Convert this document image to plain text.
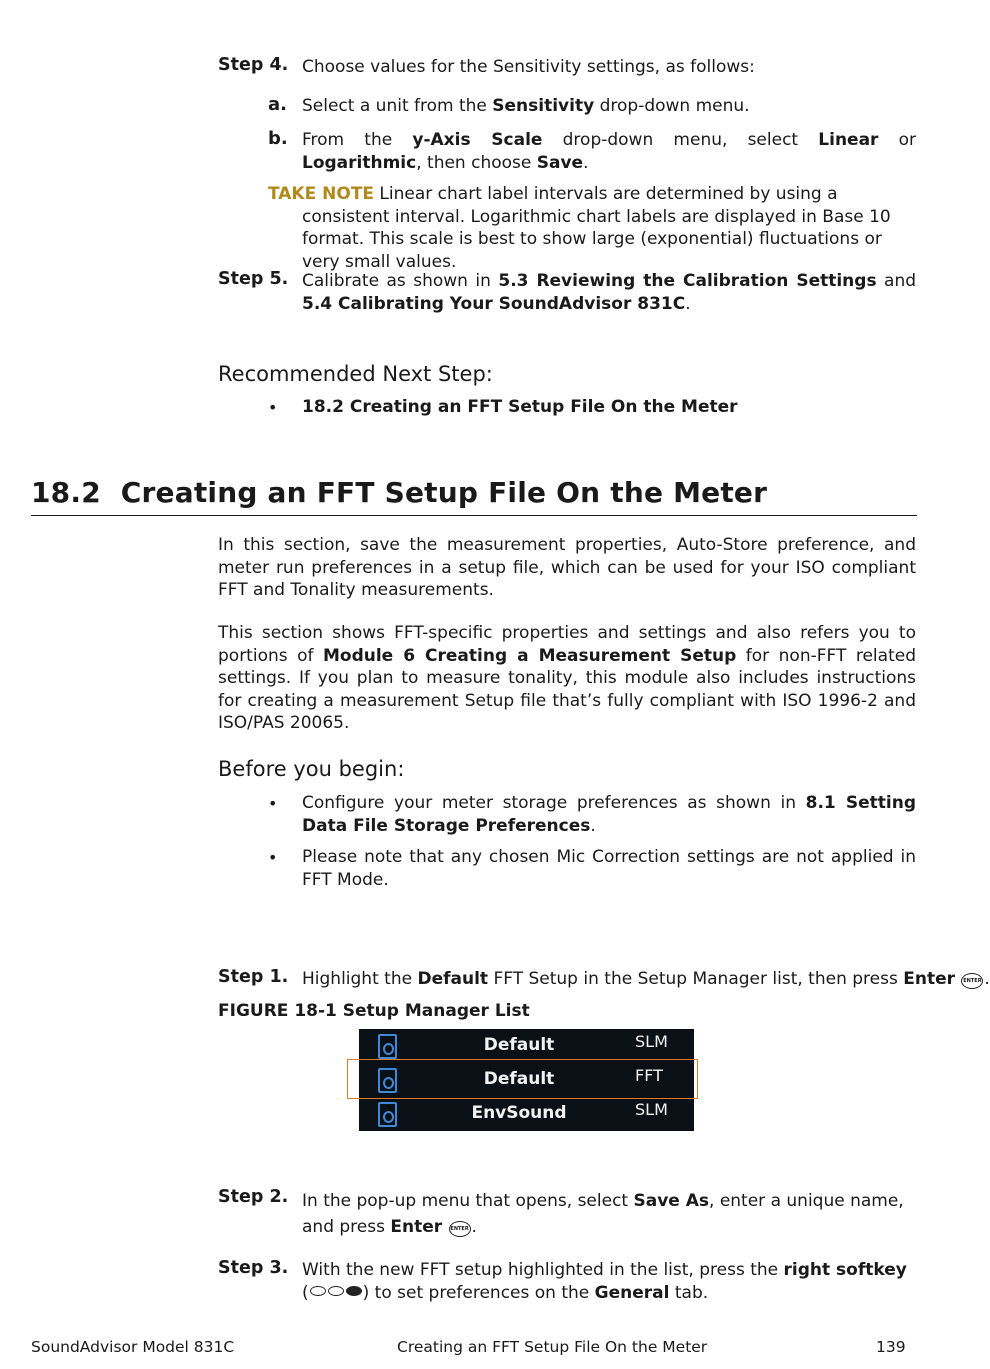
Step 4. Choose values for the Sensitivity settings, as follows:
a. Select a unit from the Sensitivity drop-down menu.
b. From the y-Axis Scale drop-down menu, select Linear or Logarithmic, then choose Save.
TAKE NOTE Linear chart label intervals are determined by using a consistent interval. Logarithmic chart labels are displayed in Base 10 format. This scale is best to show large (exponential) fluctuations or very small values.
Step 5. Calibrate as shown in 5.3 Reviewing the Calibration Settings and 5.4 Calibrating Your SoundAdvisor 831C.
Recommended Next Step:
• 18.2 Creating an FFT Setup File On the Meter
18.2 Creating an FFT Setup File On the Meter
In this section, save the measurement properties, Auto-Store preference, and meter run preferences in a setup file, which can be used for your ISO compliant FFT and Tonality measurements.
This section shows FFT-specific properties and settings and also refers you to portions of Module 6 Creating a Measurement Setup for non-FFT related settings. If you plan to measure tonality, this module also includes instructions for creating a measurement Setup file that’s fully compliant with ISO 1996-2 and ISO/PAS 20065.
Before you begin:
• Configure your meter storage preferences as shown in 8.1 Setting Data File Storage Preferences.
• Please note that any chosen Mic Correction settings are not applied in FFT Mode.
Step 1. Highlight the Default FFT Setup in the Setup Manager list, then press Enter ENTER .
FIGURE 18-1 Setup Manager List
Default	SLM
Default	FFT
EnvSound	SLM
Step 2. In the pop-up menu that opens, select Save As, enter a unique name, and press Enter ENTER .
Step 3. With the new FFT setup highlighted in the list, press the right softkey
(	) to set preferences on the General tab.
SoundAdvisor Model 831C	Creating an FFT Setup File On the Meter	139
